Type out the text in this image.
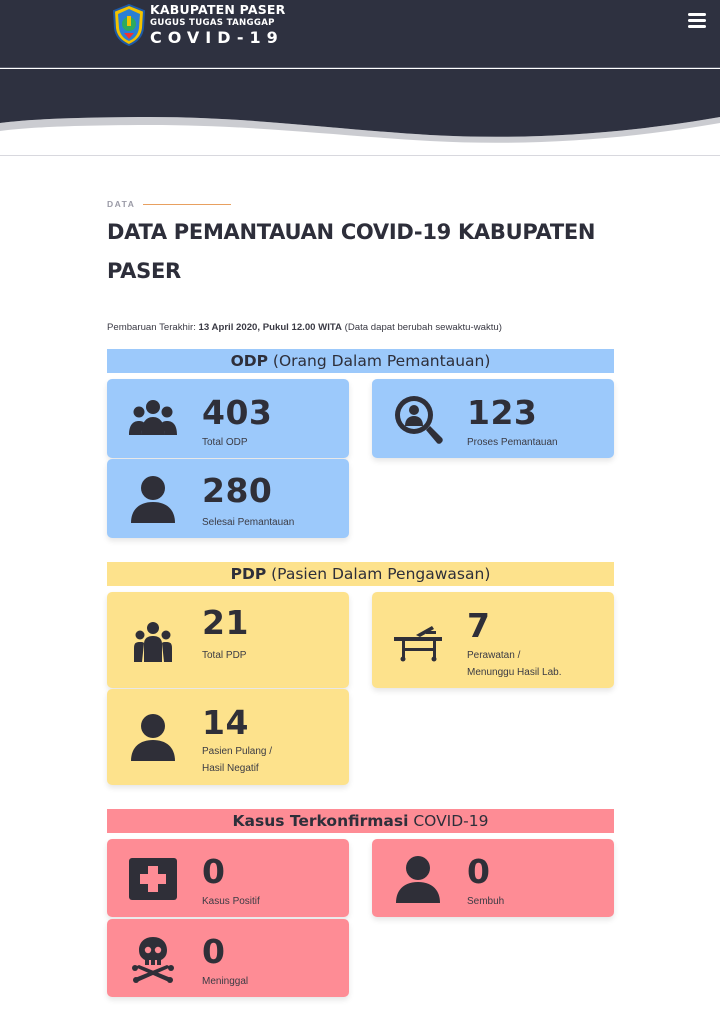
KABUPATEN PASER
GUGUS TUGAS TANGGAP
COVID-19
DATA
DATA PEMANTAUAN COVID-19 KABUPATEN PASER

Pembaruan Terakhir: 13 April 2020, Pukul 12.00 WITA (Data dapat berubah sewaktu-waktu)

ODP (Orang Dalam Pemantauan)
403
Total ODP
123
Proses Pemantauan
280
Selesai Pemantauan
PDP (Pasien Dalam Pengawasan)
21
Total PDP
7
Perawatan /
Menunggu Hasil Lab.
14
Pasien Pulang /
Hasil Negatif
Kasus Terkonfirmasi COVID-19
0
Kasus Positif
0
Sembuh
0
Meninggal
